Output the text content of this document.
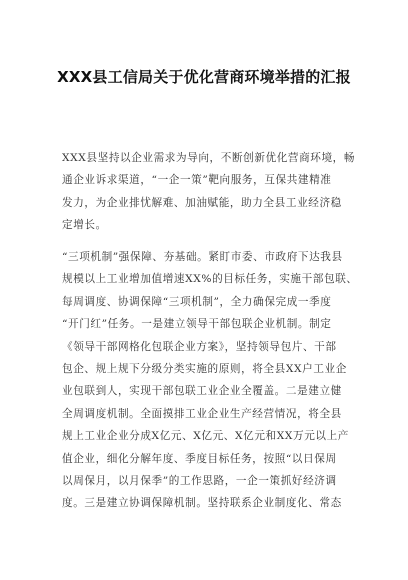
XXX县工信局关于优化营商环境举措的汇报

XXX县坚持以企业需求为导向，不断创新优化营商环境，畅
通企业诉求渠道，“一企一策”靶向服务，互保共建精准
发力，为企业排忧解难、加油赋能，助力全县工业经济稳
定增长。

“三项机制”强保障、夯基础。紧盯市委、市政府下达我县
规模以上工业增加值增速XX%的目标任务，实施干部包联、
每周调度、协调保障“三项机制”，全力确保完成一季度
“开门红”任务。一是建立领导干部包联企业机制。制定
《领导干部网格化包联企业方案》，坚持领导包片、干部
包企、规上规下分级分类实施的原则，将全县XX户工业企
业包联到人，实现干部包联工业企业全覆盖。二是建立健
全周调度机制。全面摸排工业企业生产经营情况，将全县
规上工业企业分成X亿元、X亿元、X亿元和XX万元以上产
值企业，细化分解年度、季度目标任务，按照“以日保周
以周保月，以月保季”的工作思路，一企一策抓好经济调
度。三是建立协调保障机制。坚持联系企业制度化、常态
